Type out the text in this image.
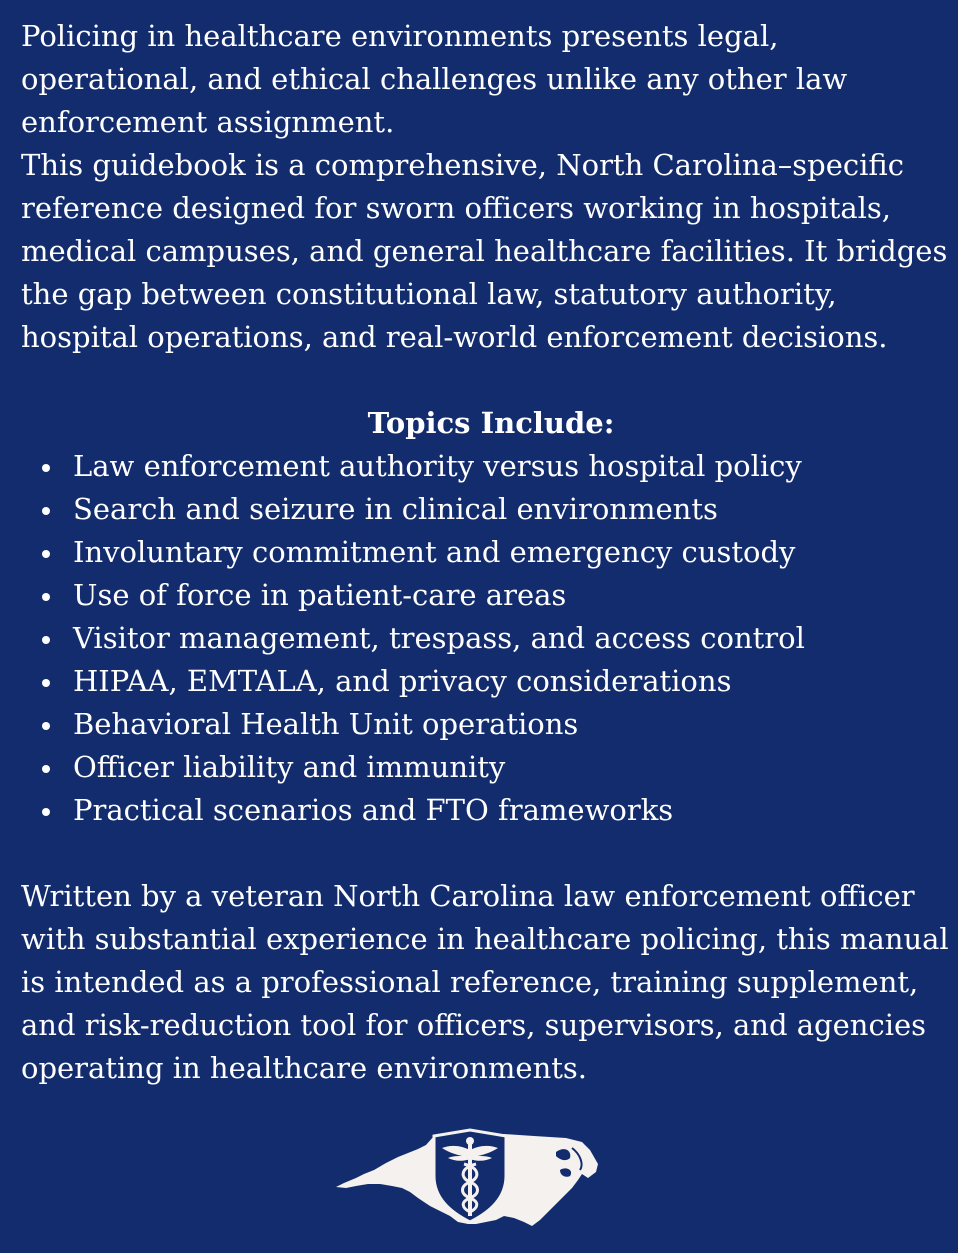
Policing in healthcare environments presents legal, operational, and ethical challenges unlike any other law enforcement assignment.

This guidebook is a comprehensive, North Carolina–specific reference designed for sworn officers working in hospitals, medical campuses, and general healthcare facilities. It bridges the gap between constitutional law, statutory authority, hospital operations, and real-world enforcement decisions.

Topics Include:
Law enforcement authority versus hospital policy
Search and seizure in clinical environments
Involuntary commitment and emergency custody
Use of force in patient-care areas
Visitor management, trespass, and access control
HIPAA, EMTALA, and privacy considerations
Behavioral Health Unit operations
Officer liability and immunity
Practical scenarios and FTO frameworks

Written by a veteran North Carolina law enforcement officer with substantial experience in healthcare policing, this manual is intended as a professional reference, training supplement, and risk-reduction tool for officers, supervisors, and agencies operating in healthcare environments.
